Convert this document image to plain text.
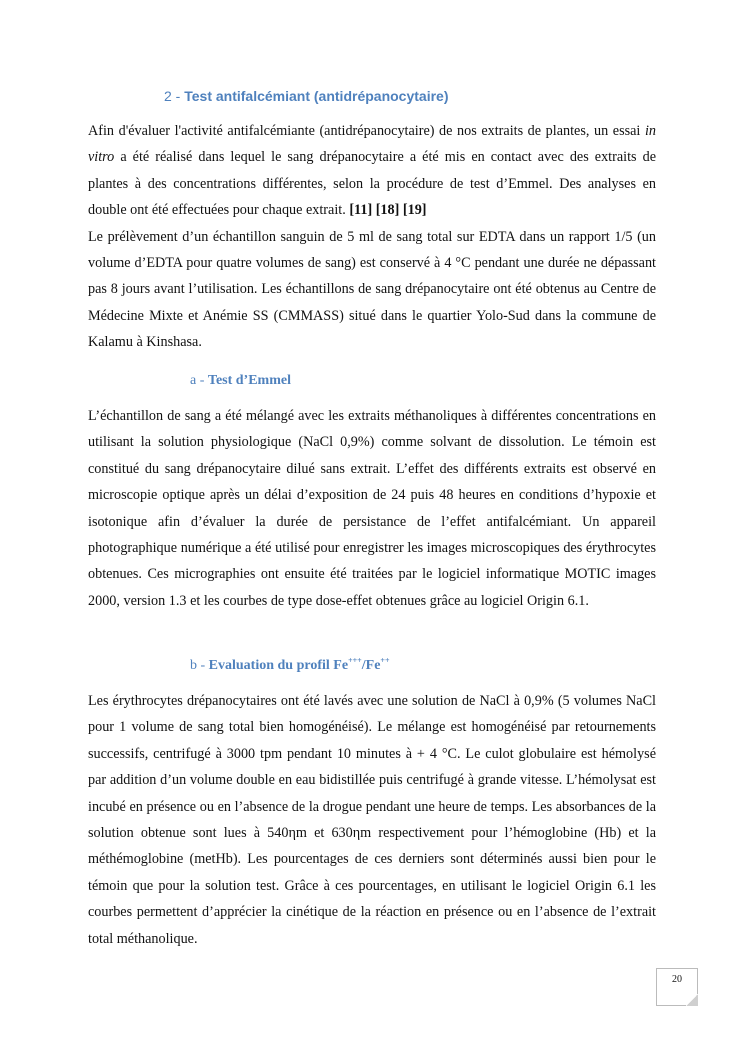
2 - Test antifalcémiant (antidrépanocytaire)
Afin d'évaluer l'activité antifalcémiante (antidrépanocytaire) de nos extraits de plantes, un essai in vitro a été réalisé dans lequel le sang drépanocytaire a été mis en contact avec des extraits de plantes à des concentrations différentes, selon la procédure de test d’Emmel. Des analyses en double ont été effectuées pour chaque extrait. [11] [18] [19]
Le prélèvement d’un échantillon sanguin de 5 ml de sang total sur EDTA dans un rapport 1/5 (un volume d’EDTA pour quatre volumes de sang) est conservé à 4 °C pendant une durée ne dépassant pas 8 jours avant l’utilisation. Les échantillons de sang drépanocytaire ont été obtenus au Centre de Médecine Mixte et Anémie SS (CMMASS) situé dans le quartier Yolo-Sud dans la commune de Kalamu à Kinshasa.
a - Test d’Emmel
L’échantillon de sang a été mélangé avec les extraits méthanoliques à différentes concentrations en utilisant la solution physiologique (NaCl 0,9%) comme solvant de dissolution. Le témoin est constitué du sang drépanocytaire dilué sans extrait. L’effet des différents extraits est observé en microscopie optique après un délai d’exposition de 24 puis 48 heures en conditions d’hypoxie et isotonique afin d’évaluer la durée de persistance de l’effet antifalcémiant. Un appareil photographique numérique a été utilisé pour enregistrer les images microscopiques des érythrocytes obtenues. Ces micrographies ont ensuite été traitées par le logiciel informatique MOTIC images 2000, version 1.3 et les courbes de type dose-effet obtenues grâce au logiciel Origin 6.1.
b - Evaluation du profil Fe+++/Fe++
Les érythrocytes drépanocytaires ont été lavés avec une solution de NaCl à 0,9% (5 volumes NaCl pour 1 volume de sang total bien homogénéisé). Le mélange est homogénéisé par retournements successifs, centrifugé à 3000 tpm pendant 10 minutes à + 4 °C. Le culot globulaire est hémolysé par addition d’un volume double en eau bidistillée puis centrifugé à grande vitesse. L’hémolysat est incubé en présence ou en l’absence de la drogue pendant une heure de temps. Les absorbances de la solution obtenue sont lues à 540ηm et 630ηm respectivement pour l’hémoglobine (Hb) et la méthémoglobine (metHb). Les pourcentages de ces derniers sont déterminés aussi bien pour le témoin que pour la solution test. Grâce à ces pourcentages, en utilisant le logiciel Origin 6.1 les courbes permettent d’apprécier la cinétique de la réaction en présence ou en l’absence de l’extrait total méthanolique.
20
